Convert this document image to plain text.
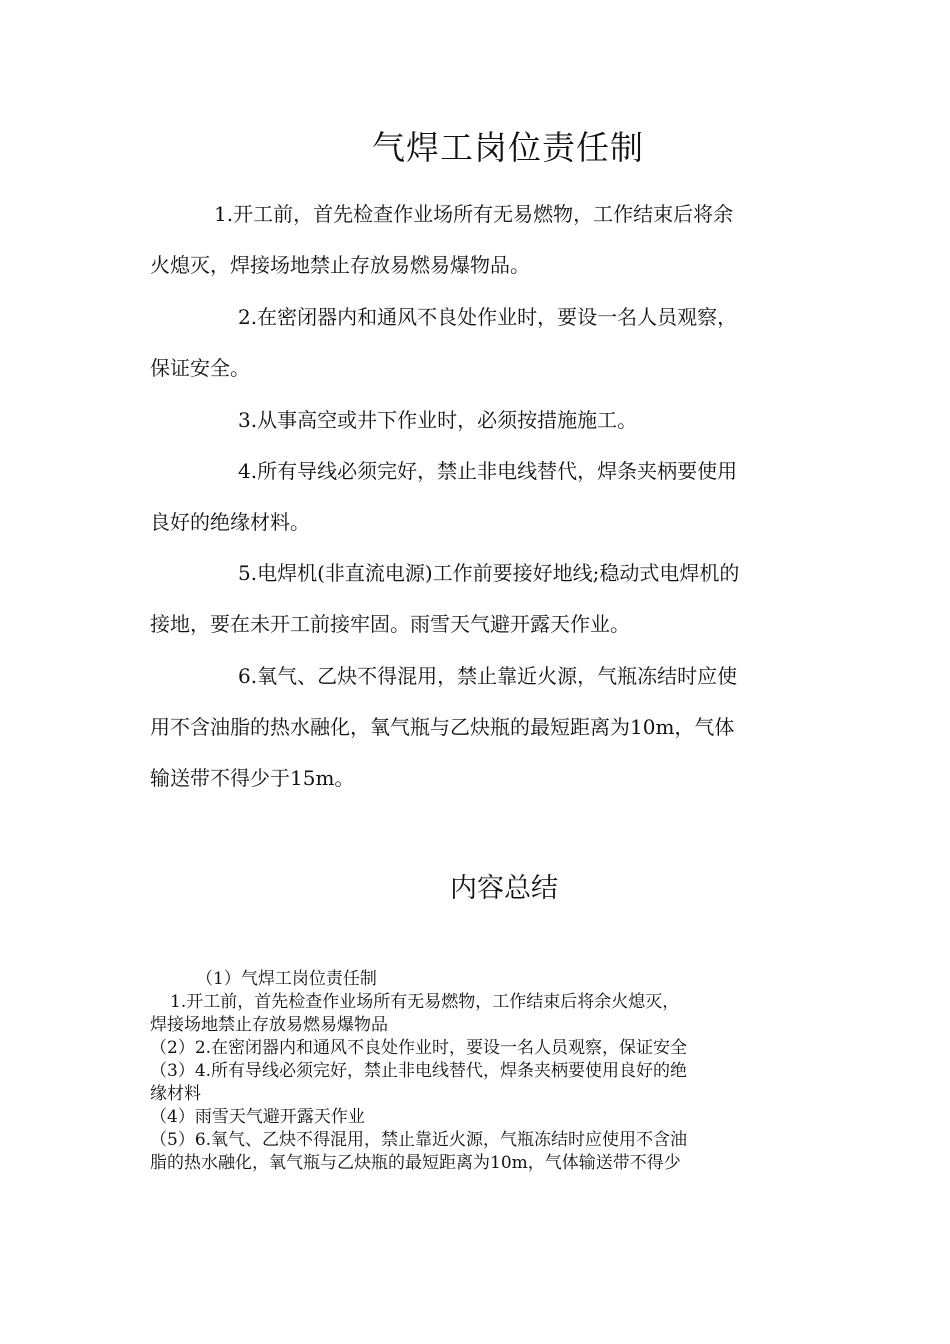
气焊工岗位责任制

1.开工前，首先检查作业场所有无易燃物，工作结束后将余
火熄灭，焊接场地禁止存放易燃易爆物品。

2.在密闭器内和通风不良处作业时，要设一名人员观察，
保证安全。

3.从事高空或井下作业时，必须按措施施工。

4.所有导线必须完好，禁止非电线替代，焊条夹柄要使用
良好的绝缘材料。

5.电焊机(非直流电源)工作前要接好地线;稳动式电焊机的
接地，要在未开工前接牢固。雨雪天气避开露天作业。

6.氧气、乙炔不得混用，禁止靠近火源，气瓶冻结时应使
用不含油脂的热水融化，氧气瓶与乙炔瓶的最短距离为10m，气体
输送带不得少于15m。

内容总结
（1）气焊工岗位责任制
1.开工前，首先检查作业场所有无易燃物，工作结束后将余火熄灭，
焊接场地禁止存放易燃易爆物品
（2）2.在密闭器内和通风不良处作业时，要设一名人员观察，保证安全
（3）4.所有导线必须完好，禁止非电线替代，焊条夹柄要使用良好的绝
缘材料
（4）雨雪天气避开露天作业
（5）6.氧气、乙炔不得混用，禁止靠近火源，气瓶冻结时应使用不含油
脂的热水融化，氧气瓶与乙炔瓶的最短距离为10m，气体输送带不得少
